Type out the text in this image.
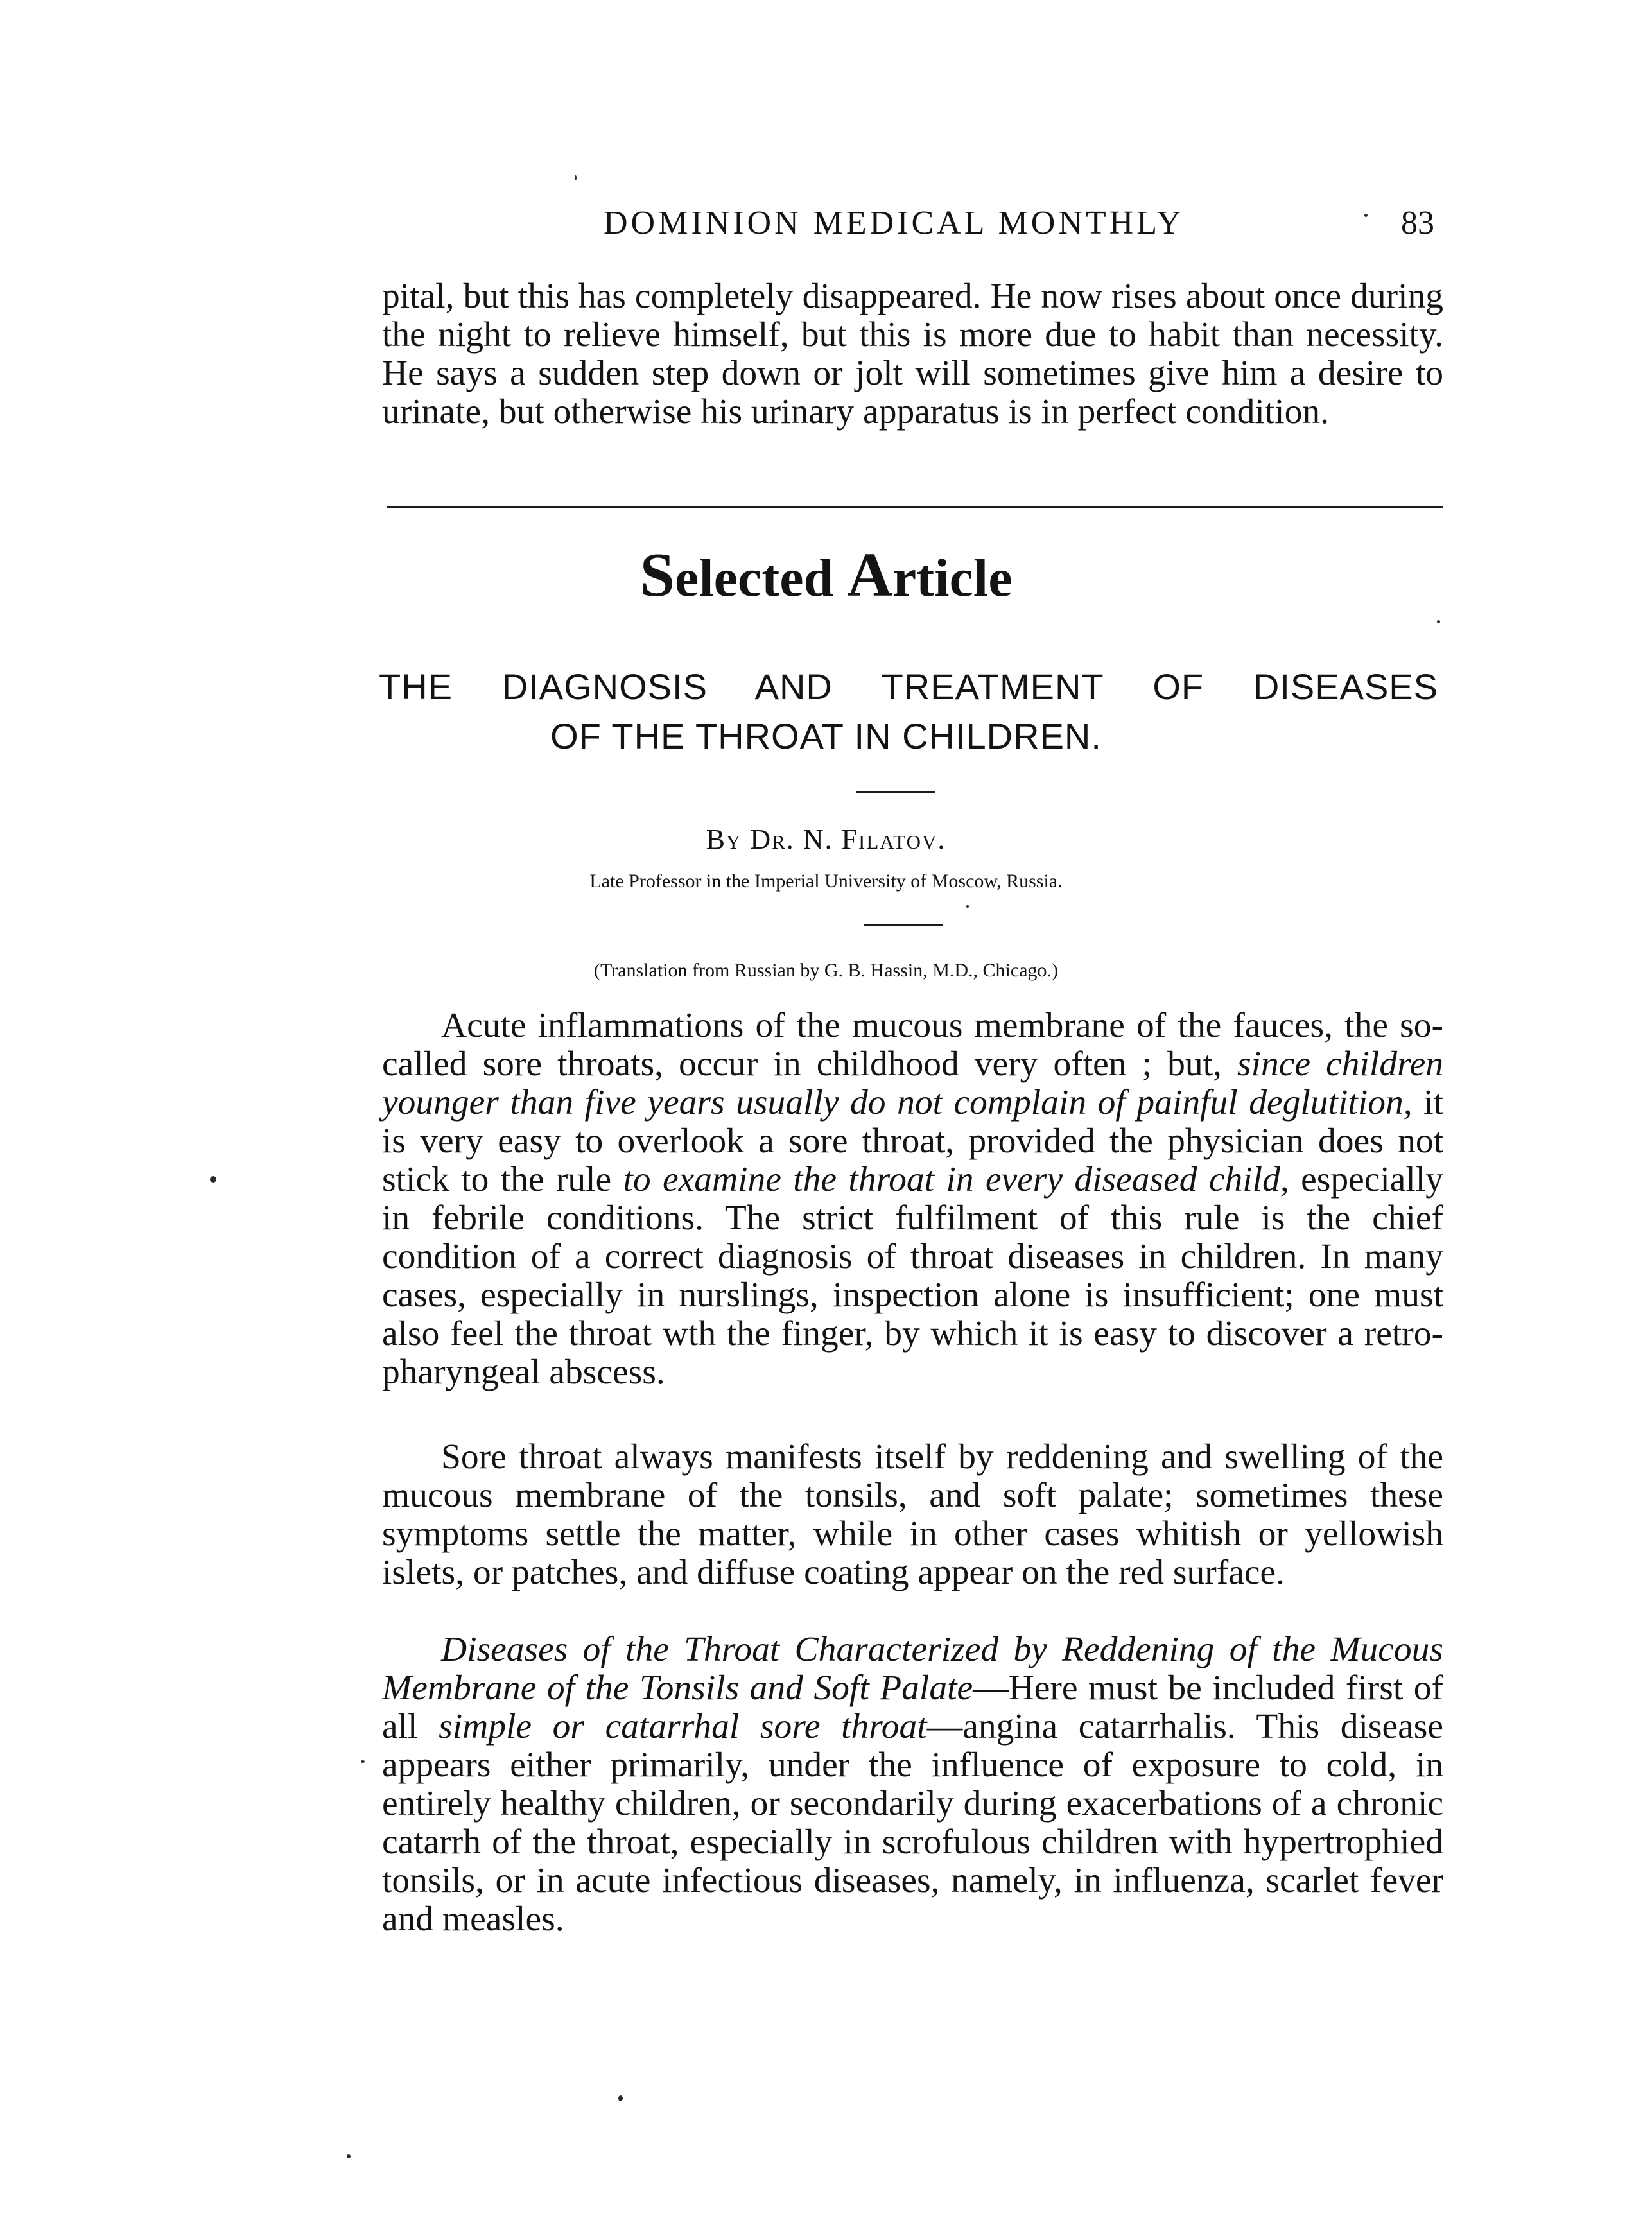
DOMINION MEDICAL MONTHLY	83

pital, but this has completely disappeared. He now rises about once during the night to relieve himself, but this is more due to habit than necessity. He says a sudden step down or jolt will sometimes give him a desire to urinate, but otherwise his urinary apparatus is in perfect condition.

Selected Article
THE DIAGNOSIS AND TREATMENT OF DISEASES
OF THE THROAT IN CHILDREN.
By Dr. N. Filatov.
Late Professor in the Imperial University of Moscow, Russia.
(Translation from Russian by G. B. Hassin, M.D., Chicago.)

Acute inflammations of the mucous membrane of the fauces, the so-called sore throats, occur in childhood very often ; but, since children younger than five years usually do not complain of painful deglutition, it is very easy to overlook a sore throat, provided the physician does not stick to the rule to examine the throat in every diseased child, especially in febrile conditions. The strict fulfilment of this rule is the chief condition of a correct diagnosis of throat diseases in children. In many cases, especially in nurslings, inspection alone is insufficient; one must also feel the throat wth the finger, by which it is easy to discover a retro-pharyngeal abscess.

Sore throat always manifests itself by reddening and swelling of the mucous membrane of the tonsils, and soft palate; sometimes these symptoms settle the matter, while in other cases whitish or yellowish islets, or patches, and diffuse coating appear on the red surface.

Diseases of the Throat Characterized by Reddening of the Mucous Membrane of the Tonsils and Soft Palate—Here must be included first of all simple or catarrhal sore throat—angina catarrhalis. This disease appears either primarily, under the influence of exposure to cold, in entirely healthy children, or secondarily during exacerbations of a chronic catarrh of the throat, especially in scrofulous children with hypertrophied tonsils, or in acute infectious diseases, namely, in influenza, scarlet fever and measles.
